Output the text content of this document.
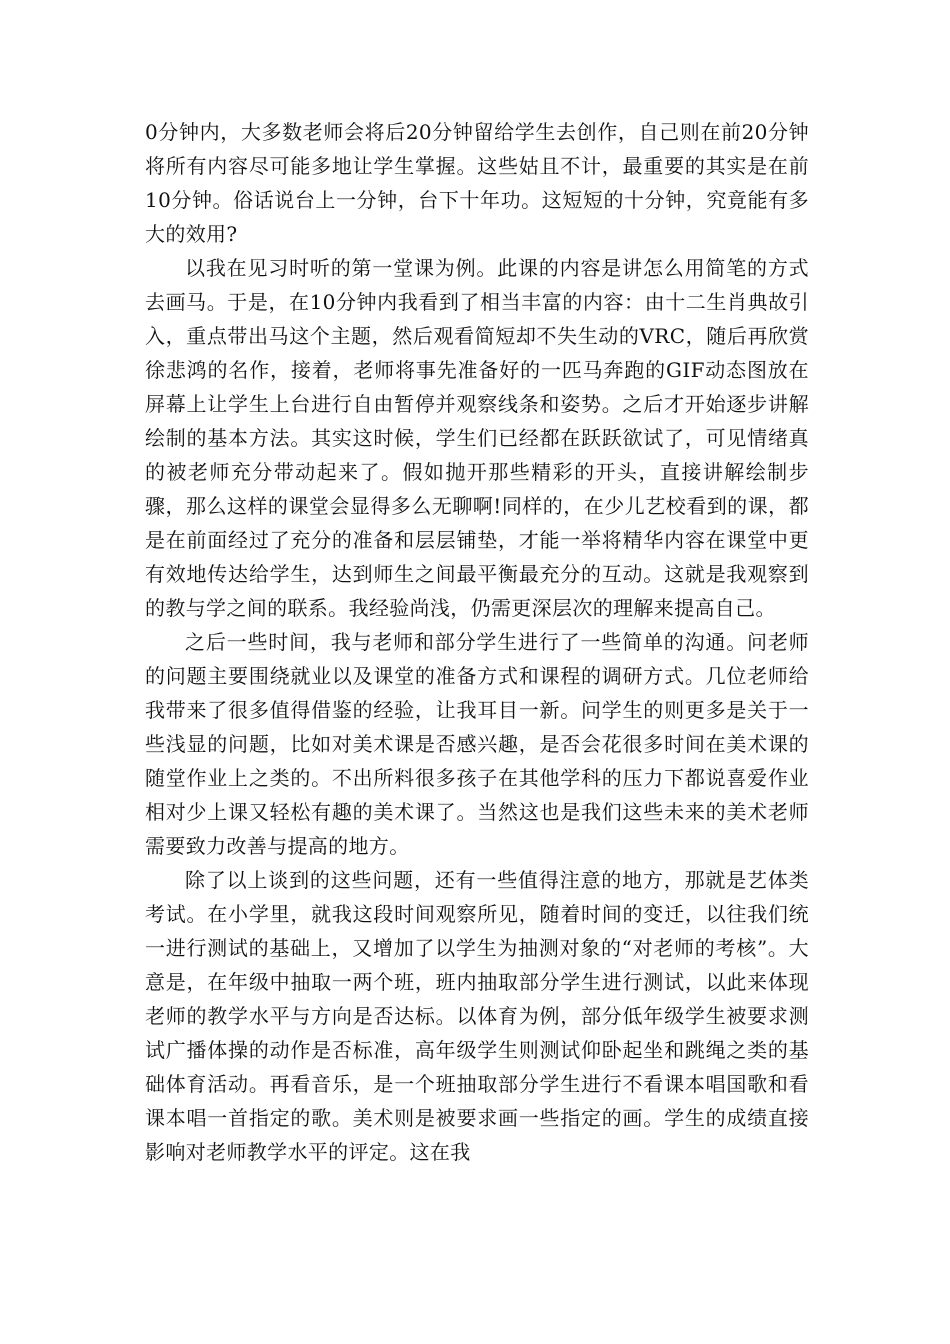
0分钟内，大多数老师会将后20分钟留给学生去创作，自己则在前20分钟将所有内容尽可能多地让学生掌握。这些姑且不计，最重要的其实是在前10分钟。俗话说台上一分钟，台下十年功。这短短的十分钟，究竟能有多大的效用?

以我在见习时听的第一堂课为例。此课的内容是讲怎么用简笔的方式去画马。于是，在10分钟内我看到了相当丰富的内容：由十二生肖典故引入，重点带出马这个主题，然后观看简短却不失生动的VRC，随后再欣赏徐悲鸿的名作，接着，老师将事先准备好的一匹马奔跑的GIF动态图放在屏幕上让学生上台进行自由暂停并观察线条和姿势。之后才开始逐步讲解绘制的基本方法。其实这时候，学生们已经都在跃跃欲试了，可见情绪真的被老师充分带动起来了。假如抛开那些精彩的开头，直接讲解绘制步骤，那么这样的课堂会显得多么无聊啊!同样的，在少儿艺校看到的课，都是在前面经过了充分的准备和层层铺垫，才能一举将精华内容在课堂中更有效地传达给学生，达到师生之间最平衡最充分的互动。这就是我观察到的教与学之间的联系。我经验尚浅，仍需更深层次的理解来提高自己。

之后一些时间，我与老师和部分学生进行了一些简单的沟通。问老师的问题主要围绕就业以及课堂的准备方式和课程的调研方式。几位老师给我带来了很多值得借鉴的经验，让我耳目一新。问学生的则更多是关于一些浅显的问题，比如对美术课是否感兴趣，是否会花很多时间在美术课的随堂作业上之类的。不出所料很多孩子在其他学科的压力下都说喜爱作业相对少上课又轻松有趣的美术课了。当然这也是我们这些未来的美术老师需要致力改善与提高的地方。

除了以上谈到的这些问题，还有一些值得注意的地方，那就是艺体类考试。在小学里，就我这段时间观察所见，随着时间的变迁，以往我们统一进行测试的基础上，又增加了以学生为抽测对象的“对老师的考核”。大意是，在年级中抽取一两个班，班内抽取部分学生进行测试，以此来体现老师的教学水平与方向是否达标。以体育为例，部分低年级学生被要求测试广播体操的动作是否标准，高年级学生则测试仰卧起坐和跳绳之类的基础体育活动。再看音乐，是一个班抽取部分学生进行不看课本唱国歌和看课本唱一首指定的歌。美术则是被要求画一些指定的画。学生的成绩直接影响对老师教学水平的评定。这在我
